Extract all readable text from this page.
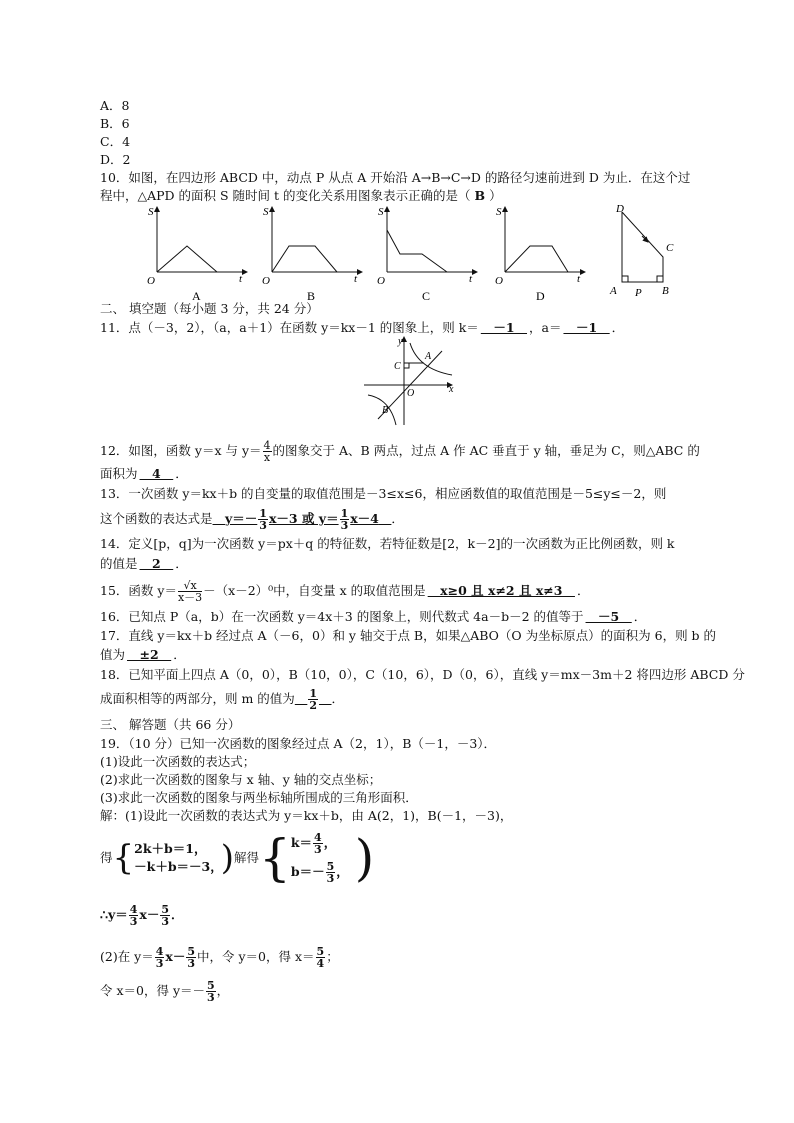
A．8
B．6
C．4
D．2
10．如图，在四边形 ABCD 中，动点 P 从点 A 开始沿 A→B→C→D 的路径匀速前进到 D 为止．在这个过
程中，△APD 的面积 S 随时间 t 的变化关系用图象表示正确的是（ B ）
S
O	t
A
S
O	t
B
S
O	t
C
S
O	t
D
D
C
A	B
P
二、 填空题（每小题 3 分，共 24 分）
11．点（－3，2），（a，a＋1）在函数 y＝kx－1 的图象上，则 k＝　－1　，a＝　－1　．
y
x
A
C
O
B
12．如图，函数 y＝x 与 $y= \frac{4}{x}$ 的图象交于 A、B 两点，过点 A 作 AC 垂直于 y 轴，垂足为 C，则△ABC 的
面积为　4　．
13．一次函数 y＝kx＋b 的自变量的取值范围是－3≤x≤6，相应函数值的取值范围是－5≤y≤－2，则
这个函数的表达式是　 $y=- \frac{1}{3} x-3$ 或 $y= \frac{1}{3} x-4$　 ．
14．定义[p，q]为一次函数 y＝px＋q 的特征数，若特征数是[2，k－2]的一次函数为正比例函数，则 k
的值是　2　．
15．函数 $y= \frac{√x}{x-3} -(x-2)^0$中，自变量 x 的取值范围是　x≥0 且 x≠2 且 x≠3　．
16．已知点 P（a，b）在一次函数 y＝4x＋3 的图象上，则代数式 4a－b－2 的值等于　－5　．
17．直线 y＝kx＋b 经过点 A（－6，0）和 y 轴交于点 B，如果△ABO（O 为坐标原点）的面积为 6，则 b 的
值为　±2　．
18．已知平面上四点 A（0，0），B（10，0），C（10，6），D（0，6），直线 y＝mx－3m＋2 将四边形 ABCD 分
成面积相等的两部分，则 m 的值为　 $\frac{1}{2}$
　 ．
三、 解答题（共 66 分）
19．（10 分）已知一次函数的图象经过点 A（2，1），B（－1，－3）．
(1)设此一次函数的表达式；
(2)求此一次函数的图象与 x 轴、y 轴的交点坐标；
(3)求此一次函数的图象与两坐标轴所围成的三角形面积．
解：(1)设此一次函数的表达式为 y＝kx＋b，由 A(2，1)，B(－1，－3)，
得{ 2k＋b＝1，
－k＋b＝－3，
)解得{ $k= \frac{4}{3}$ ，
$b=- \frac{5}{3}$ ， )
∴y＝ $\frac{4}{3} x- \frac{5}{3}$ ．
(2)在 $y= \frac{4}{3} x- \frac{5}{3}$ 中，令 y＝0，得 $x= \frac{5}{4}$ ；
令 x＝0，得 $y=- \frac{5}{3}$ ，
